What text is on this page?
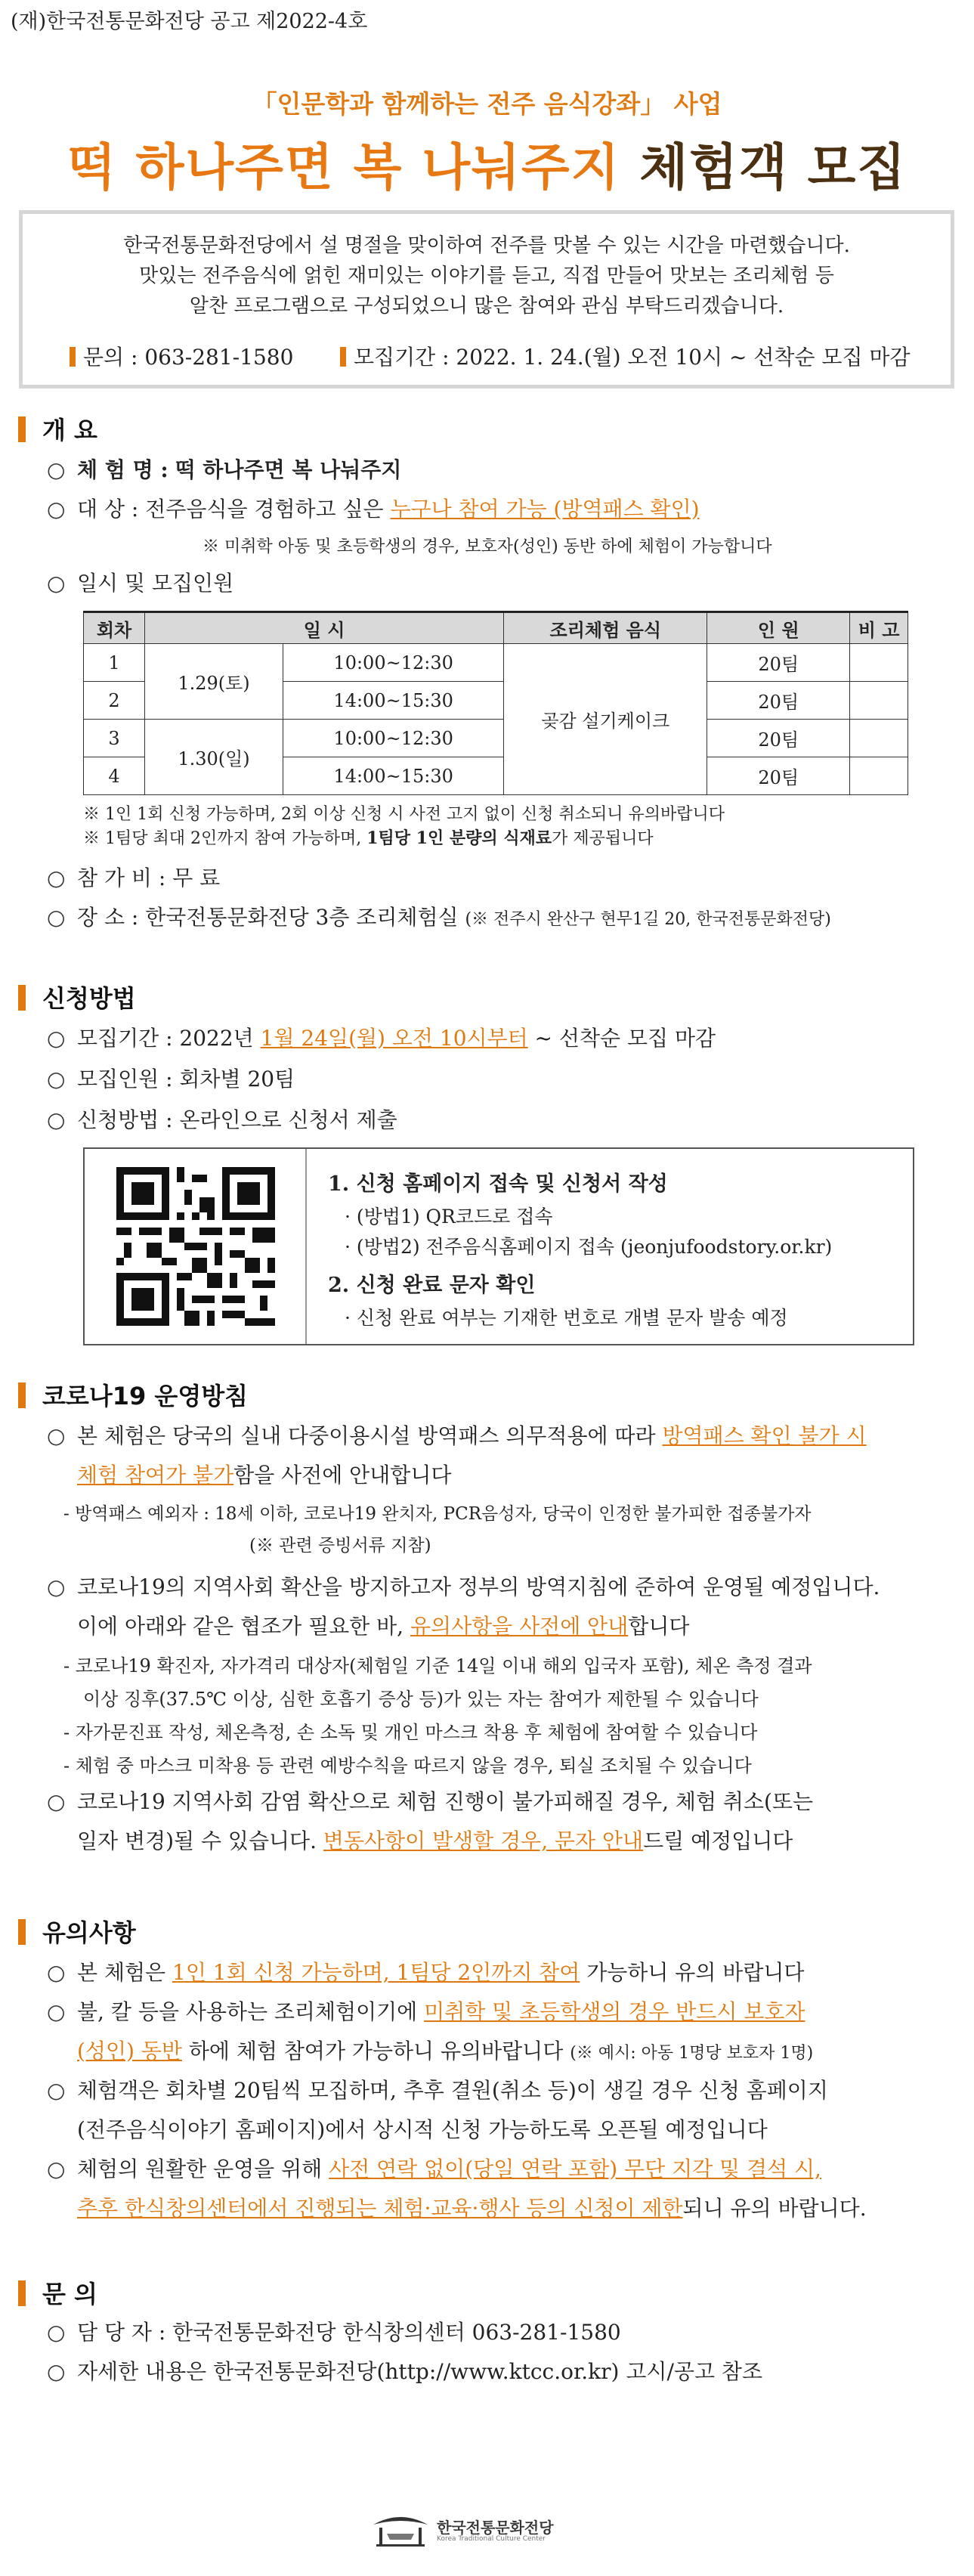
(재)한국전통문화전당 공고 제2022-4호
「인문학과 함께하는 전주 음식강좌」 사업
떡 하나주면 복 나눠주지 체험객 모집
한국전통문화전당에서 설 명절을 맞이하여 전주를 맛볼 수 있는 시간을 마련했습니다.
맛있는 전주음식에 얽힌 재미있는 이야기를 듣고, 직접 만들어 맛보는 조리체험 등
알찬 프로그램으로 구성되었으니 많은 참여와 관심 부탁드리겠습니다.
문의 : 063-281-1580	모집기간 : 2022. 1. 24.(월) 오전 10시 ~ 선착순 모집 마감
개 요
○ 체 험 명 : 떡 하나주면 복 나눠주지
○ 대 상 : 전주음식을 경험하고 싶은 누구나 참여 가능 (방역패스 확인)
※ 미취학 아동 및 초등학생의 경우, 보호자(성인) 동반 하에 체험이 가능합니다
○ 일시 및 모집인원
회차	일 시		조리체험 음식	인 원	비 고
1	1.29(토)	10:00~12:30	곶감 설기케이크	20팀	
2		14:00~15:30		20팀	
3	1.30(일)	10:00~12:30		20팀	
4		14:00~15:30		20팀	
※ 1인 1회 신청 가능하며, 2회 이상 신청 시 사전 고지 없이 신청 취소되니 유의바랍니다
※ 1팀당 최대 2인까지 참여 가능하며, 1팀당 1인 분량의 식재료가 제공됩니다
○ 참 가 비 : 무 료
○ 장 소 : 한국전통문화전당 3층 조리체험실 (※ 전주시 완산구 현무1길 20, 한국전통문화전당)
신청방법
○ 모집기간 : 2022년 1월 24일(월) 오전 10시부터 ~ 선착순 모집 마감
○ 모집인원 : 회차별 20팀
○ 신청방법 : 온라인으로 신청서 제출
1. 신청 홈페이지 접속 및 신청서 작성
· (방법1) QR코드로 접속
· (방법2) 전주음식홈페이지 접속 (jeonjufoodstory.or.kr)
2. 신청 완료 문자 확인
· 신청 완료 여부는 기재한 번호로 개별 문자 발송 예정
코로나19 운영방침
○ 본 체험은 당국의 실내 다중이용시설 방역패스 의무적용에 따라 방역패스 확인 불가 시
체험 참여가 불가함을 사전에 안내합니다
- 방역패스 예외자 : 18세 이하, 코로나19 완치자, PCR음성자, 당국이 인정한 불가피한 접종불가자
(※ 관련 증빙서류 지참)
○ 코로나19의 지역사회 확산을 방지하고자 정부의 방역지침에 준하여 운영될 예정입니다.
이에 아래와 같은 협조가 필요한 바, 유의사항을 사전에 안내합니다
- 코로나19 확진자, 자가격리 대상자(체험일 기준 14일 이내 해외 입국자 포함), 체온 측정 결과
이상 징후(37.5℃ 이상, 심한 호흡기 증상 등)가 있는 자는 참여가 제한될 수 있습니다
- 자가문진표 작성, 체온측정, 손 소독 및 개인 마스크 착용 후 체험에 참여할 수 있습니다
- 체험 중 마스크 미착용 등 관련 예방수칙을 따르지 않을 경우, 퇴실 조치될 수 있습니다
○ 코로나19 지역사회 감염 확산으로 체험 진행이 불가피해질 경우, 체험 취소(또는
일자 변경)될 수 있습니다. 변동사항이 발생할 경우, 문자 안내드릴 예정입니다
유의사항
○ 본 체험은 1인 1회 신청 가능하며, 1팀당 2인까지 참여 가능하니 유의 바랍니다
○ 불, 칼 등을 사용하는 조리체험이기에 미취학 및 초등학생의 경우 반드시 보호자
(성인) 동반 하에 체험 참여가 가능하니 유의바랍니다 (※ 예시: 아동 1명당 보호자 1명)
○ 체험객은 회차별 20팀씩 모집하며, 추후 결원(취소 등)이 생길 경우 신청 홈페이지
(전주음식이야기 홈페이지)에서 상시적 신청 가능하도록 오픈될 예정입니다
○ 체험의 원활한 운영을 위해 사전 연락 없이(당일 연락 포함) 무단 지각 및 결석 시,
추후 한식창의센터에서 진행되는 체험·교육·행사 등의 신청이 제한되니 유의 바랍니다.
문 의
○ 담 당 자 : 한국전통문화전당 한식창의센터 063-281-1580
○ 자세한 내용은 한국전통문화전당(http://www.ktcc.or.kr) 고시/공고 참조
한국전통문화전당
Korea Traditional Culture Center
